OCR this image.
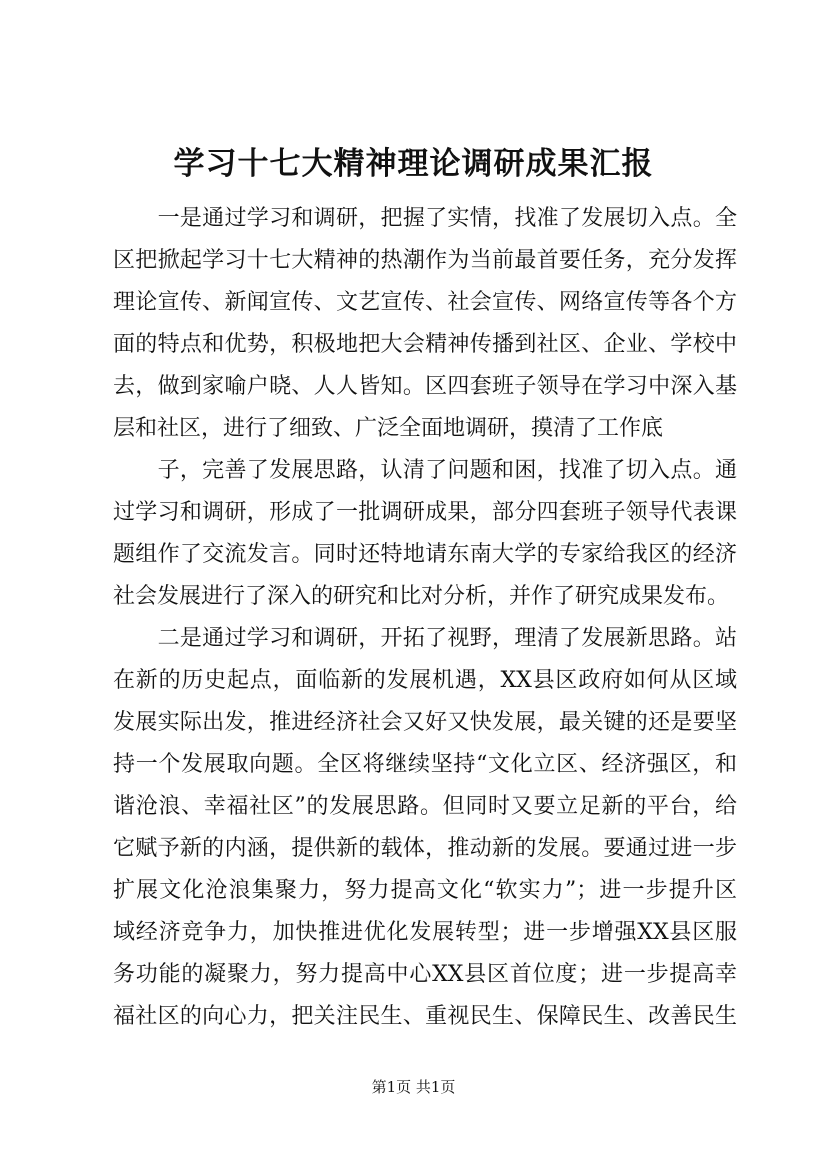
学习十七大精神理论调研成果汇报
　　一是通过学习和调研，把握了实情，找准了发展切入点。全
区把掀起学习十七大精神的热潮作为当前最首要任务，充分发挥
理论宣传、新闻宣传、文艺宣传、社会宣传、网络宣传等各个方
面的特点和优势，积极地把大会精神传播到社区、企业、学校中
去，做到家喻户晓、人人皆知。区四套班子领导在学习中深入基
层和社区，进行了细致、广泛全面地调研，摸清了工作底
　　子，完善了发展思路，认清了问题和困，找准了切入点。通
过学习和调研，形成了一批调研成果，部分四套班子领导代表课
题组作了交流发言。同时还特地请东南大学的专家给我区的经济
社会发展进行了深入的研究和比对分析，并作了研究成果发布。
　　二是通过学习和调研，开拓了视野，理清了发展新思路。站
在新的历史起点，面临新的发展机遇，XX县区政府如何从区域
发展实际出发，推进经济社会又好又快发展，最关键的还是要坚
持一个发展取向题。全区将继续坚持“文化立区、经济强区，和
谐沧浪、幸福社区”的发展思路。但同时又要立足新的平台，给
它赋予新的内涵，提供新的载体，推动新的发展。要通过进一步
扩展文化沧浪集聚力，努力提高文化“软实力”；进一步提升区
域经济竞争力，加快推进优化发展转型；进一步增强XX县区服
务功能的凝聚力，努力提高中心XX县区首位度；进一步提高幸
福社区的向心力，把关注民生、重视民生、保障民生、改善民生
第1页 共1页
